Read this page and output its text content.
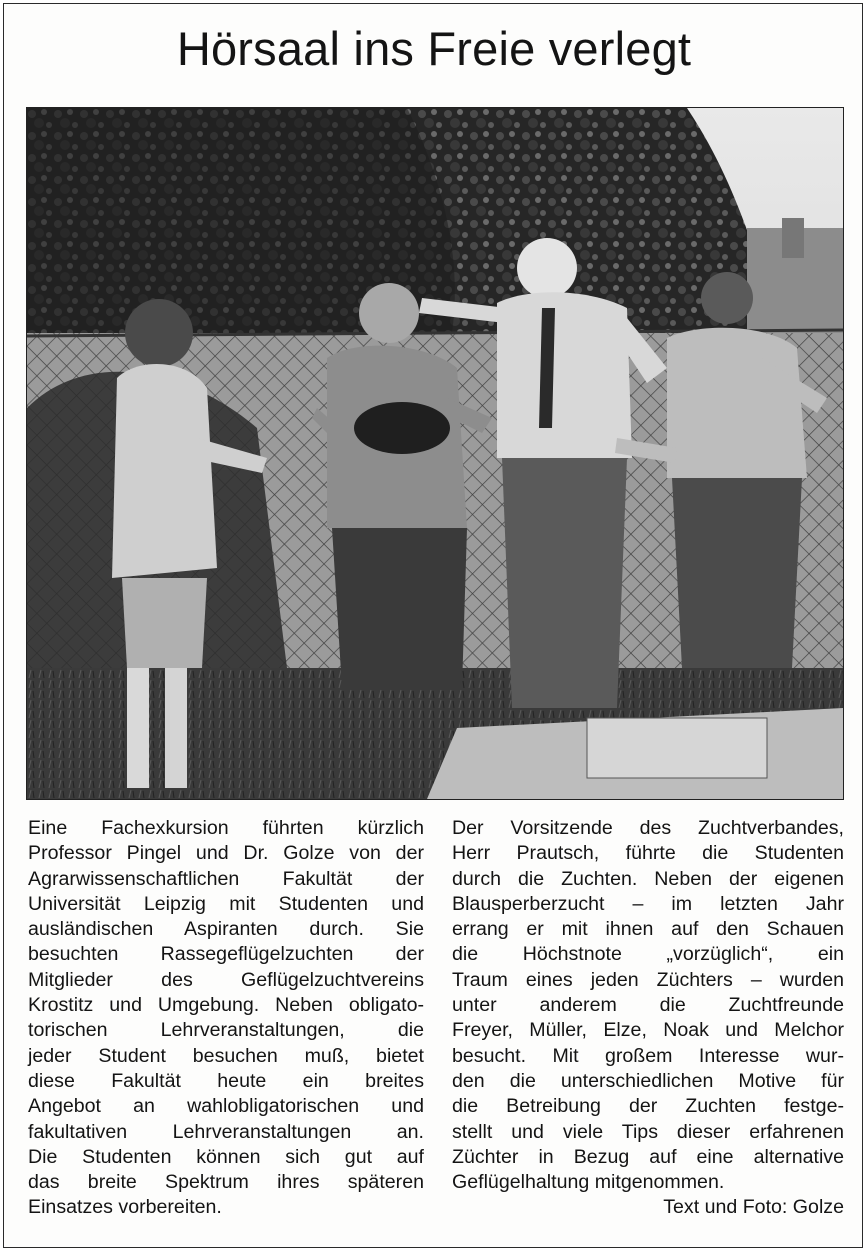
Hörsaal ins Freie verlegt
Eine Fachexkursion führten kürzlich
Professor Pingel und Dr. Golze von der
Agrarwissenschaftlichen Fakultät der
Universität Leipzig mit Studenten und
ausländischen Aspiranten durch. Sie
besuchten Rassegeflügelzuchten der
Mitglieder des Geflügelzuchtvereins
Krostitz und Umgebung. Neben obligato-
torischen Lehrveranstaltungen, die
jeder Student besuchen muß, bietet
diese Fakultät heute ein breites
Angebot an wahlobligatorischen und
fakultativen Lehrveranstaltungen an.
Die Studenten können sich gut auf
das breite Spektrum ihres späteren
Einsatzes vorbereiten.
Der Vorsitzende des Zuchtverbandes,
Herr Prautsch, führte die Studenten
durch die Zuchten. Neben der eigenen
Blausperberzucht – im letzten Jahr
errang er mit ihnen auf den Schauen
die Höchstnote „vorzüglich“, ein
Traum eines jeden Züchters – wurden
unter anderem die Zuchtfreunde
Freyer, Müller, Elze, Noak und Melchor
besucht. Mit großem Interesse wur-
den die unterschiedlichen Motive für
die Betreibung der Zuchten festge-
stellt und viele Tips dieser erfahrenen
Züchter in Bezug auf eine alternative
Geflügelhaltung mitgenommen.
Text und Foto: Golze
